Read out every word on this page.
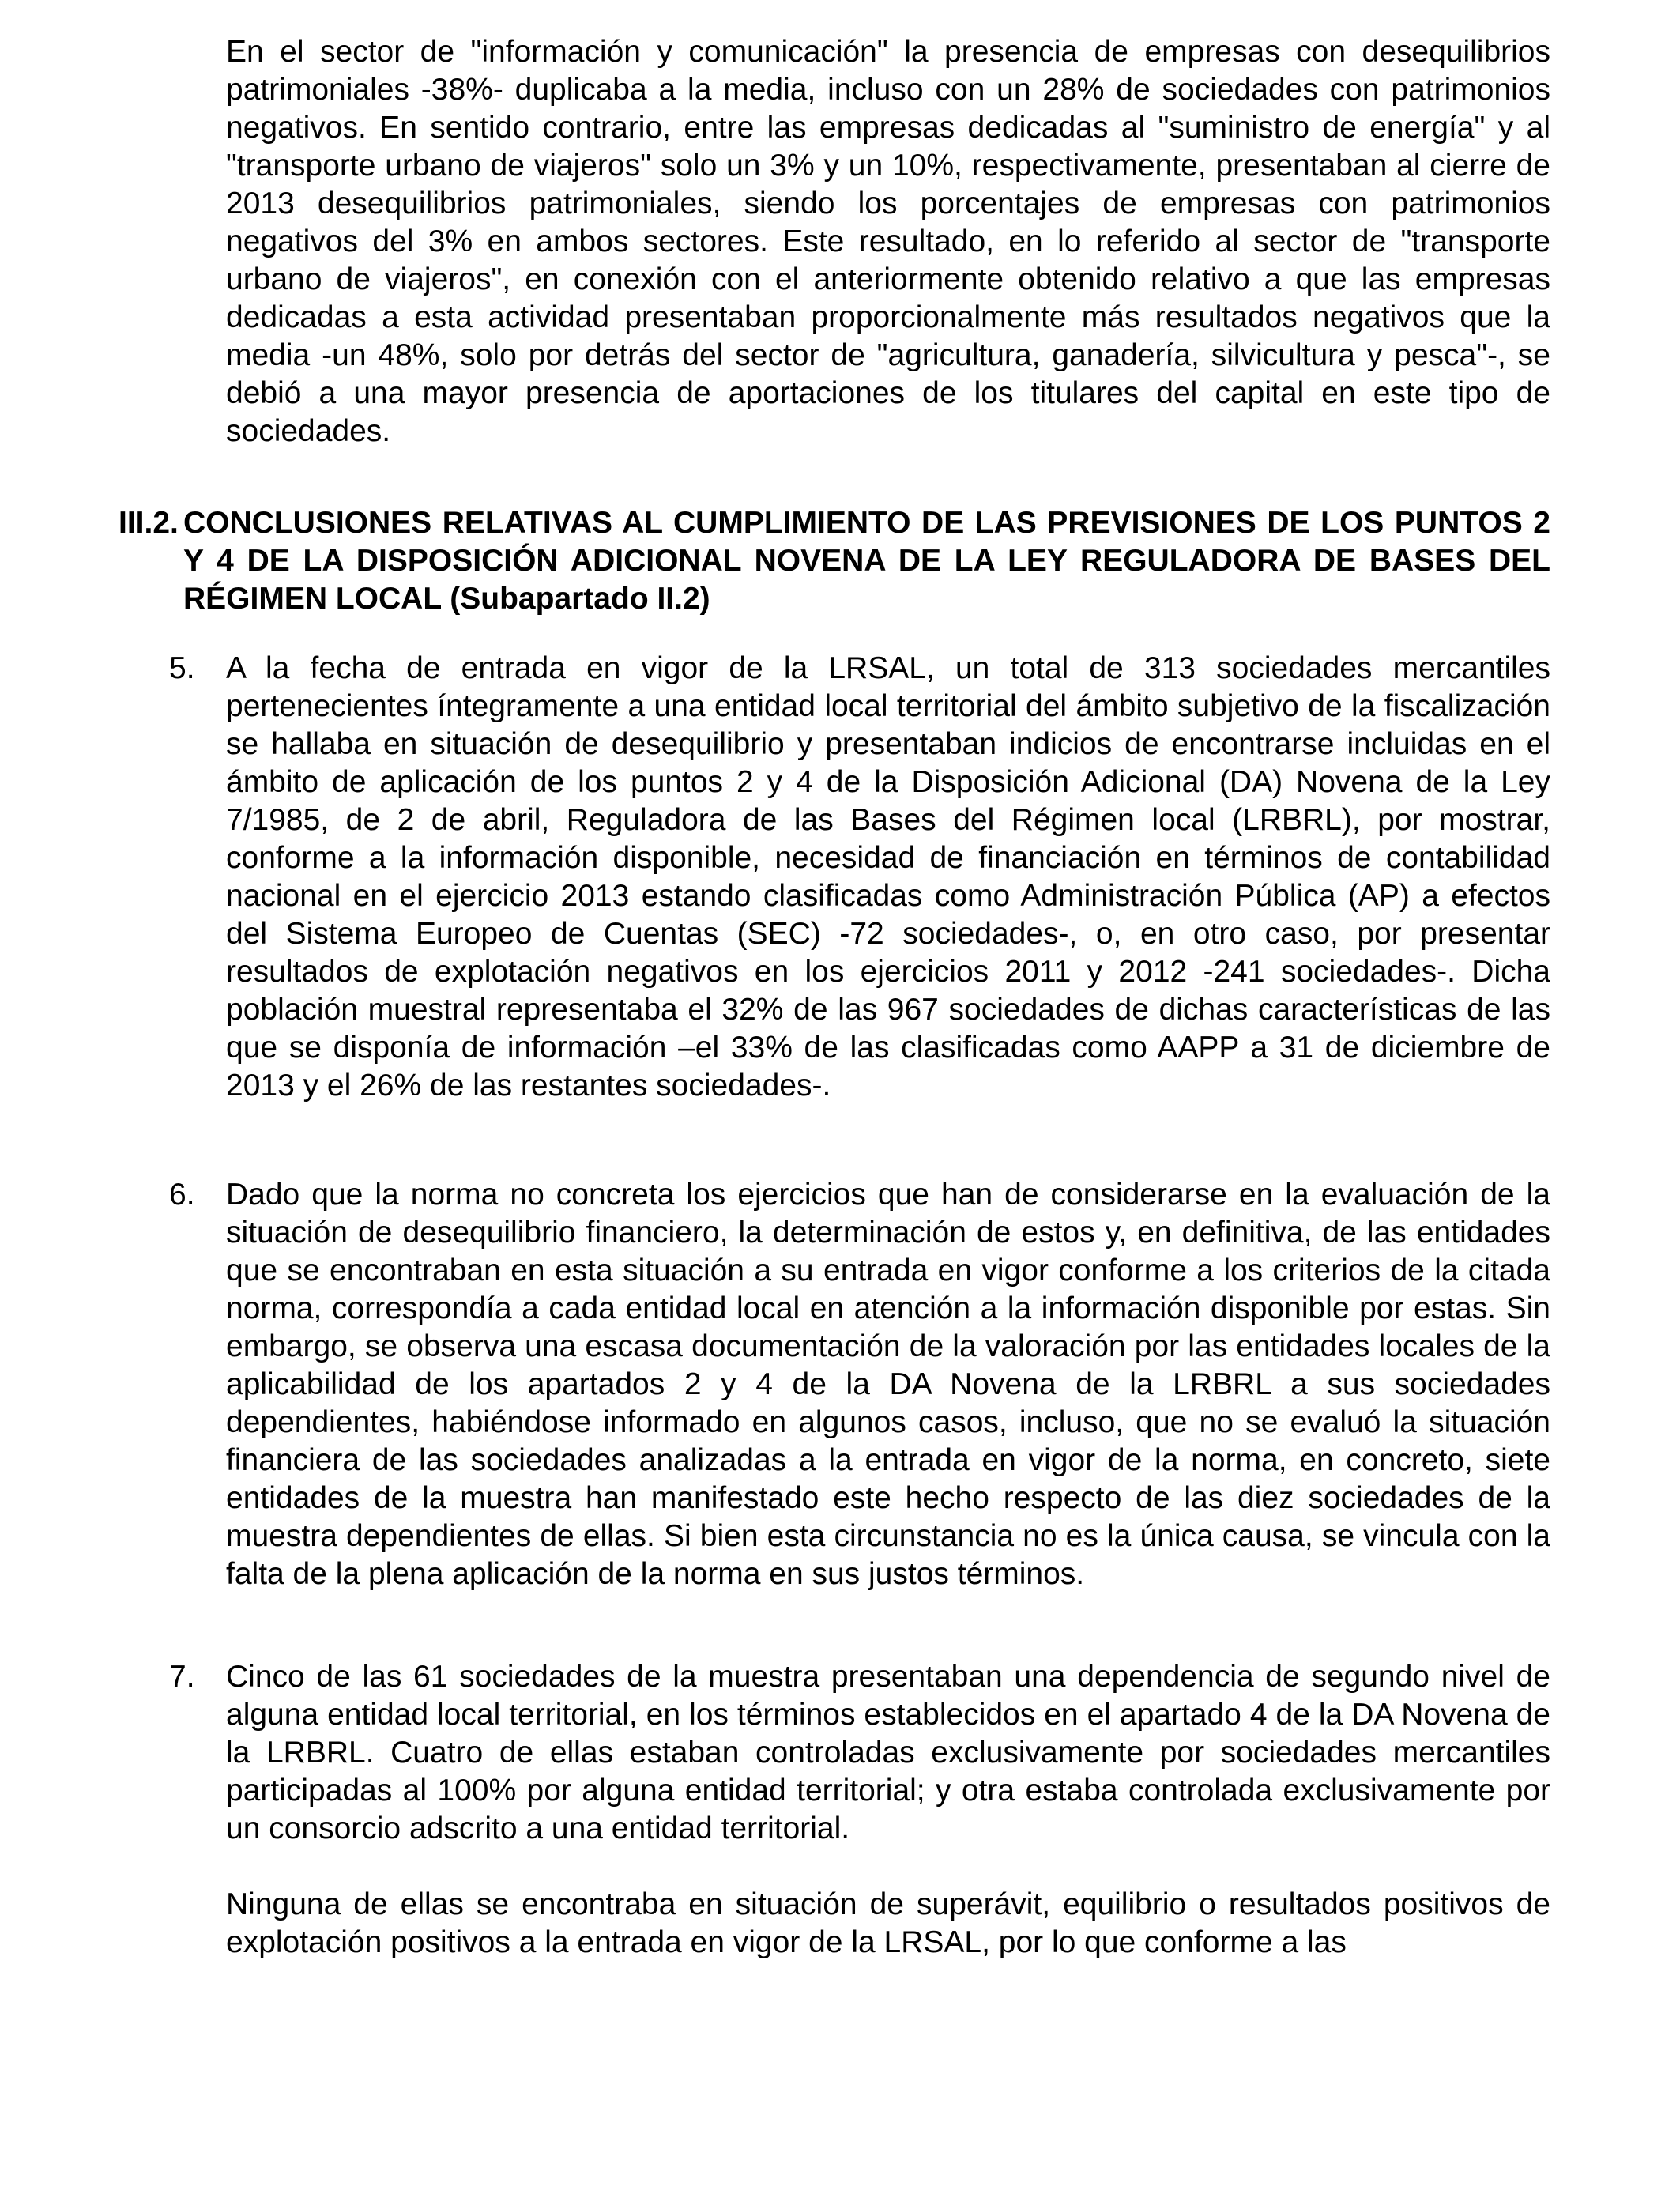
En el sector de "información y comunicación" la presencia de empresas con desequilibrios patrimoniales -38%- duplicaba a la media, incluso con un 28% de sociedades con patrimonios negativos. En sentido contrario, entre las empresas dedicadas al "suministro de energía" y al "transporte urbano de viajeros" solo un 3% y un 10%, respectivamente, presentaban al cierre de 2013 desequilibrios patrimoniales, siendo los porcentajes de empresas con patrimonios negativos del 3% en ambos sectores. Este resultado, en lo referido al sector de "transporte urbano de viajeros", en conexión con el anteriormente obtenido relativo a que las empresas dedicadas a esta actividad presentaban proporcionalmente más resultados negativos que la media -un 48%, solo por detrás del sector de "agricultura, ganadería, silvicultura y pesca"-, se debió a una mayor presencia de aportaciones de los titulares del capital en este tipo de sociedades.

III.2. CONCLUSIONES RELATIVAS AL CUMPLIMIENTO DE LAS PREVISIONES DE LOS PUNTOS 2 Y 4 DE LA DISPOSICIÓN ADICIONAL NOVENA DE LA LEY REGULADORA DE BASES DEL RÉGIMEN LOCAL (Subapartado II.2)
5.	A la fecha de entrada en vigor de la LRSAL, un total de 313 sociedades mercantiles pertenecientes íntegramente a una entidad local territorial del ámbito subjetivo de la fiscalización se hallaba en situación de desequilibrio y presentaban indicios de encontrarse incluidas en el ámbito de aplicación de los puntos 2 y 4 de la Disposición Adicional (DA) Novena de la Ley 7/1985, de 2 de abril, Reguladora de las Bases del Régimen local (LRBRL), por mostrar, conforme a la información disponible, necesidad de financiación en términos de contabilidad nacional en el ejercicio 2013 estando clasificadas como Administración Pública (AP) a efectos del Sistema Europeo de Cuentas (SEC) -72 sociedades-, o, en otro caso, por presentar resultados de explotación negativos en los ejercicios 2011 y 2012 -241 sociedades-. Dicha población muestral representaba el 32% de las 967 sociedades de dichas características de las que se disponía de información –el 33% de las clasificadas como AAPP a 31 de diciembre de 2013 y el 26% de las restantes sociedades-.
6.	Dado que la norma no concreta los ejercicios que han de considerarse en la evaluación de la situación de desequilibrio financiero, la determinación de estos y, en definitiva, de las entidades que se encontraban en esta situación a su entrada en vigor conforme a los criterios de la citada norma, correspondía a cada entidad local en atención a la información disponible por estas. Sin embargo, se observa una escasa documentación de la valoración por las entidades locales de la aplicabilidad de los apartados 2 y 4 de la DA Novena de la LRBRL a sus sociedades dependientes, habiéndose informado en algunos casos, incluso, que no se evaluó la situación financiera de las sociedades analizadas a la entrada en vigor de la norma, en concreto, siete entidades de la muestra han manifestado este hecho respecto de las diez sociedades de la muestra dependientes de ellas. Si bien esta circunstancia no es la única causa, se vincula con la falta de la plena aplicación de la norma en sus justos términos.
7.	Cinco de las 61 sociedades de la muestra presentaban una dependencia de segundo nivel de alguna entidad local territorial, en los términos establecidos en el apartado 4 de la DA Novena de la LRBRL. Cuatro de ellas estaban controladas exclusivamente por sociedades mercantiles participadas al 100% por alguna entidad territorial; y otra estaba controlada exclusivamente por un consorcio adscrito a una entidad territorial.

Ninguna de ellas se encontraba en situación de superávit, equilibrio o resultados positivos de explotación positivos a la entrada en vigor de la LRSAL, por lo que conforme a las
